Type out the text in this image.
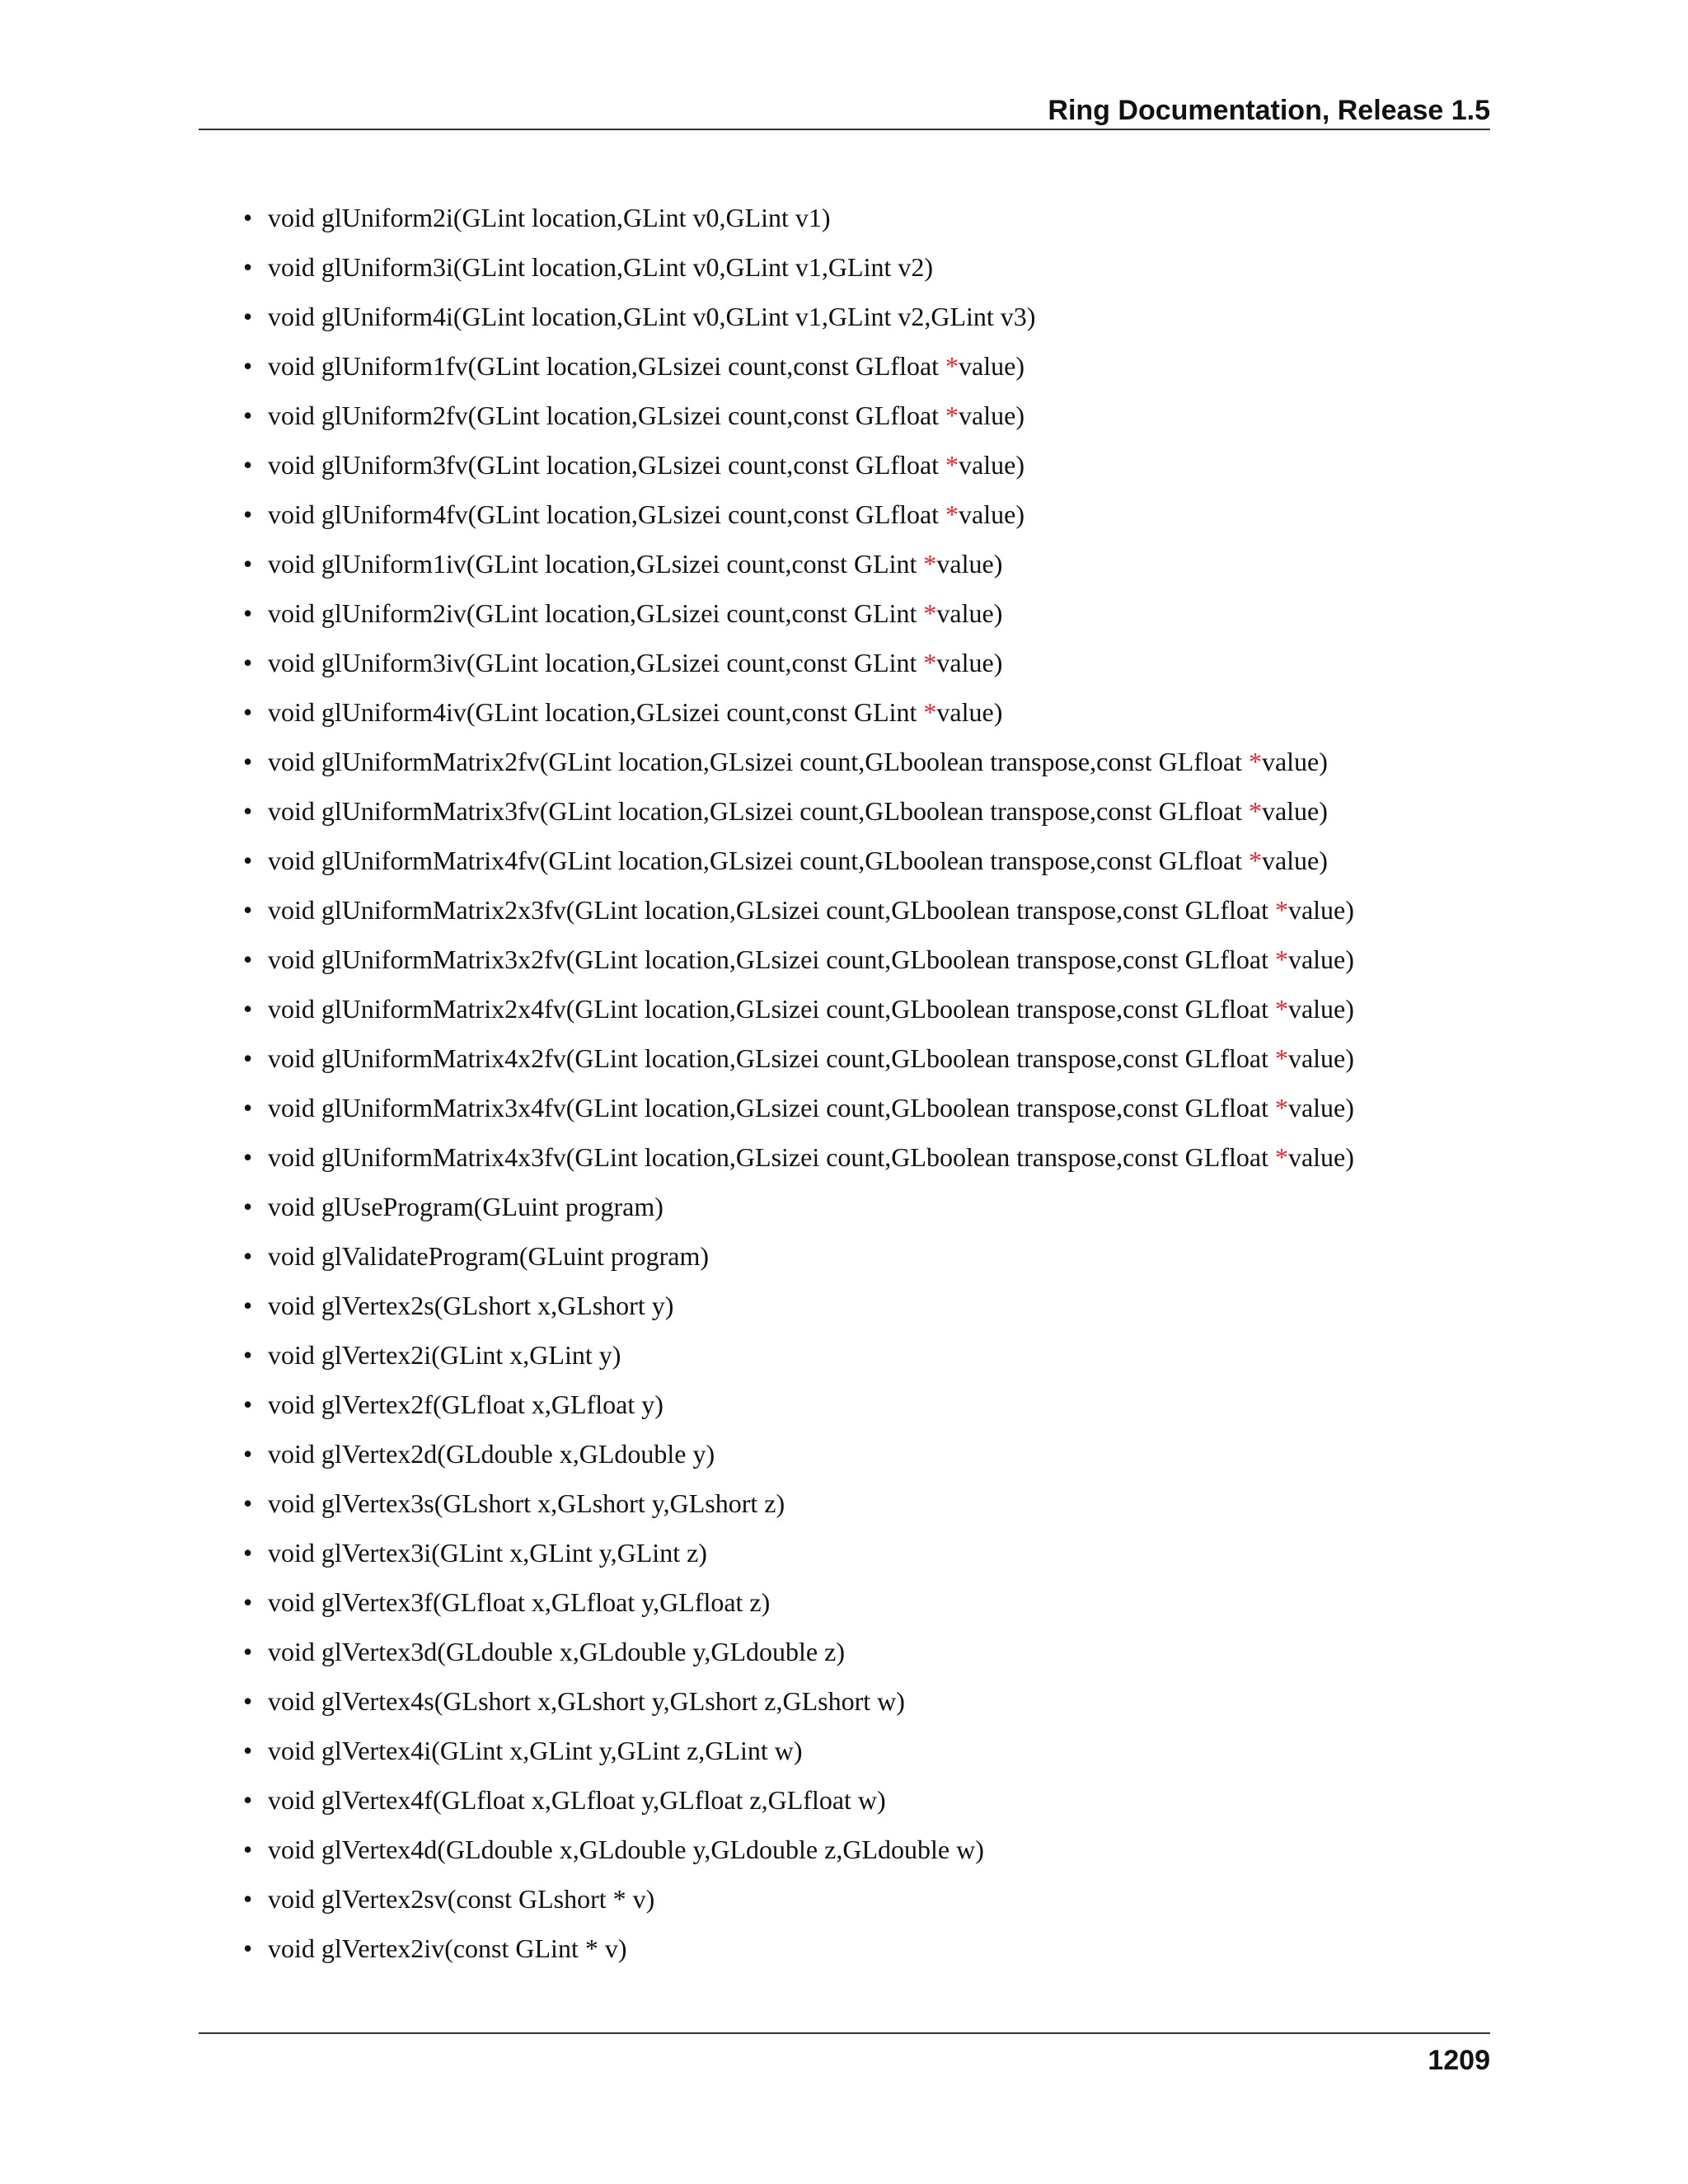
Ring Documentation, Release 1.5
• void glUniform2i(GLint location,GLint v0,GLint v1)
• void glUniform3i(GLint location,GLint v0,GLint v1,GLint v2)
• void glUniform4i(GLint location,GLint v0,GLint v1,GLint v2,GLint v3)
• void glUniform1fv(GLint location,GLsizei count,const GLfloat *value)
• void glUniform2fv(GLint location,GLsizei count,const GLfloat *value)
• void glUniform3fv(GLint location,GLsizei count,const GLfloat *value)
• void glUniform4fv(GLint location,GLsizei count,const GLfloat *value)
• void glUniform1iv(GLint location,GLsizei count,const GLint *value)
• void glUniform2iv(GLint location,GLsizei count,const GLint *value)
• void glUniform3iv(GLint location,GLsizei count,const GLint *value)
• void glUniform4iv(GLint location,GLsizei count,const GLint *value)
• void glUniformMatrix2fv(GLint location,GLsizei count,GLboolean transpose,const GLfloat *value)
• void glUniformMatrix3fv(GLint location,GLsizei count,GLboolean transpose,const GLfloat *value)
• void glUniformMatrix4fv(GLint location,GLsizei count,GLboolean transpose,const GLfloat *value)
• void glUniformMatrix2x3fv(GLint location,GLsizei count,GLboolean transpose,const GLfloat *value)
• void glUniformMatrix3x2fv(GLint location,GLsizei count,GLboolean transpose,const GLfloat *value)
• void glUniformMatrix2x4fv(GLint location,GLsizei count,GLboolean transpose,const GLfloat *value)
• void glUniformMatrix4x2fv(GLint location,GLsizei count,GLboolean transpose,const GLfloat *value)
• void glUniformMatrix3x4fv(GLint location,GLsizei count,GLboolean transpose,const GLfloat *value)
• void glUniformMatrix4x3fv(GLint location,GLsizei count,GLboolean transpose,const GLfloat *value)
• void glUseProgram(GLuint program)
• void glValidateProgram(GLuint program)
• void glVertex2s(GLshort x,GLshort y)
• void glVertex2i(GLint x,GLint y)
• void glVertex2f(GLfloat x,GLfloat y)
• void glVertex2d(GLdouble x,GLdouble y)
• void glVertex3s(GLshort x,GLshort y,GLshort z)
• void glVertex3i(GLint x,GLint y,GLint z)
• void glVertex3f(GLfloat x,GLfloat y,GLfloat z)
• void glVertex3d(GLdouble x,GLdouble y,GLdouble z)
• void glVertex4s(GLshort x,GLshort y,GLshort z,GLshort w)
• void glVertex4i(GLint x,GLint y,GLint z,GLint w)
• void glVertex4f(GLfloat x,GLfloat y,GLfloat z,GLfloat w)
• void glVertex4d(GLdouble x,GLdouble y,GLdouble z,GLdouble w)
• void glVertex2sv(const GLshort * v)
• void glVertex2iv(const GLint * v)
1209
